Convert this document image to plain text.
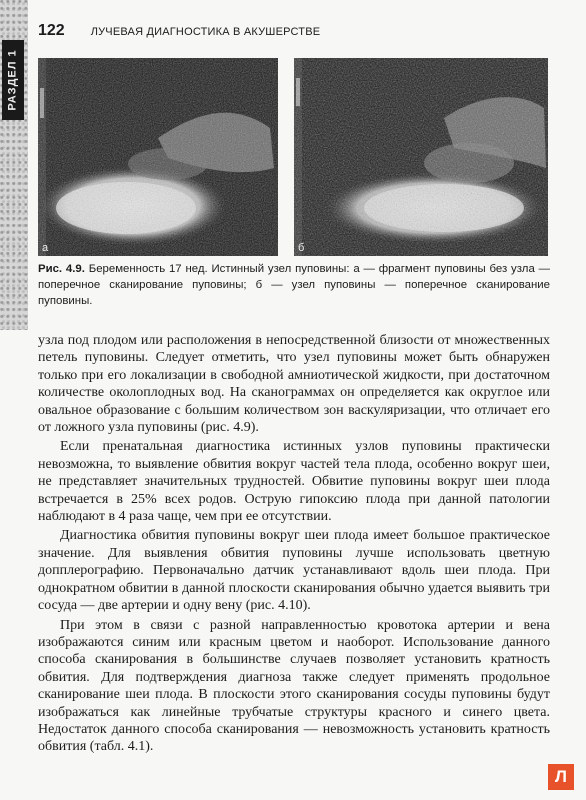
РАЗДЕЛ 1
122 ЛУЧЕВАЯ ДИАГНОСТИКА В АКУШЕРСТВЕ
а	б
Рис. 4.9. Беременность 17 нед. Истинный узел пуповины: а — фрагмент пуповины без узла — поперечное сканирование пуповины; б — узел пуповины — поперечное сканирование пуповины.

узла под плодом или расположения в непосредственной близости от множественных петель пуповины. Следует отметить, что узел пуповины может быть обнаружен только при его локализации в свободной амниотической жидкости, при достаточном количестве околоплодных вод. На сканограммах он определяется как округлое или овальное образование с большим количеством зон васкуляризации, что отличает его от ложного узла пуповины (рис. 4.9).

Если пренатальная диагностика истинных узлов пуповины практически невозможна, то выявление обвития вокруг частей тела плода, особенно вокруг шеи, не представляет значительных трудностей. Обвитие пуповины вокруг шеи плода встречается в 25% всех родов. Острую гипоксию плода при данной патологии наблюдают в 4 раза чаще, чем при ее отсутствии.

Диагностика обвития пуповины вокруг шеи плода имеет большое практическое значение. Для выявления обвития пуповины лучше использовать цветную допплерографию. Первоначально датчик устанавливают вдоль шеи плода. При однократном обвитии в данной плоскости сканирования обычно удается выявить три сосуда — две артерии и одну вену (рис. 4.10).

При этом в связи с разной направленностью кровотока артерии и вена изображаются синим или красным цветом и наоборот. Использование данного способа сканирования в большинстве случаев позволяет установить кратность обвития. Для подтверждения диагноза также следует применять продольное сканирование шеи плода. В плоскости этого сканирования сосуды пуповины будут изображаться как линейные трубчатые структуры красного и синего цвета. Недостаток данного способа сканирования — невозможность установить кратность обвития (табл. 4.1).

Л
